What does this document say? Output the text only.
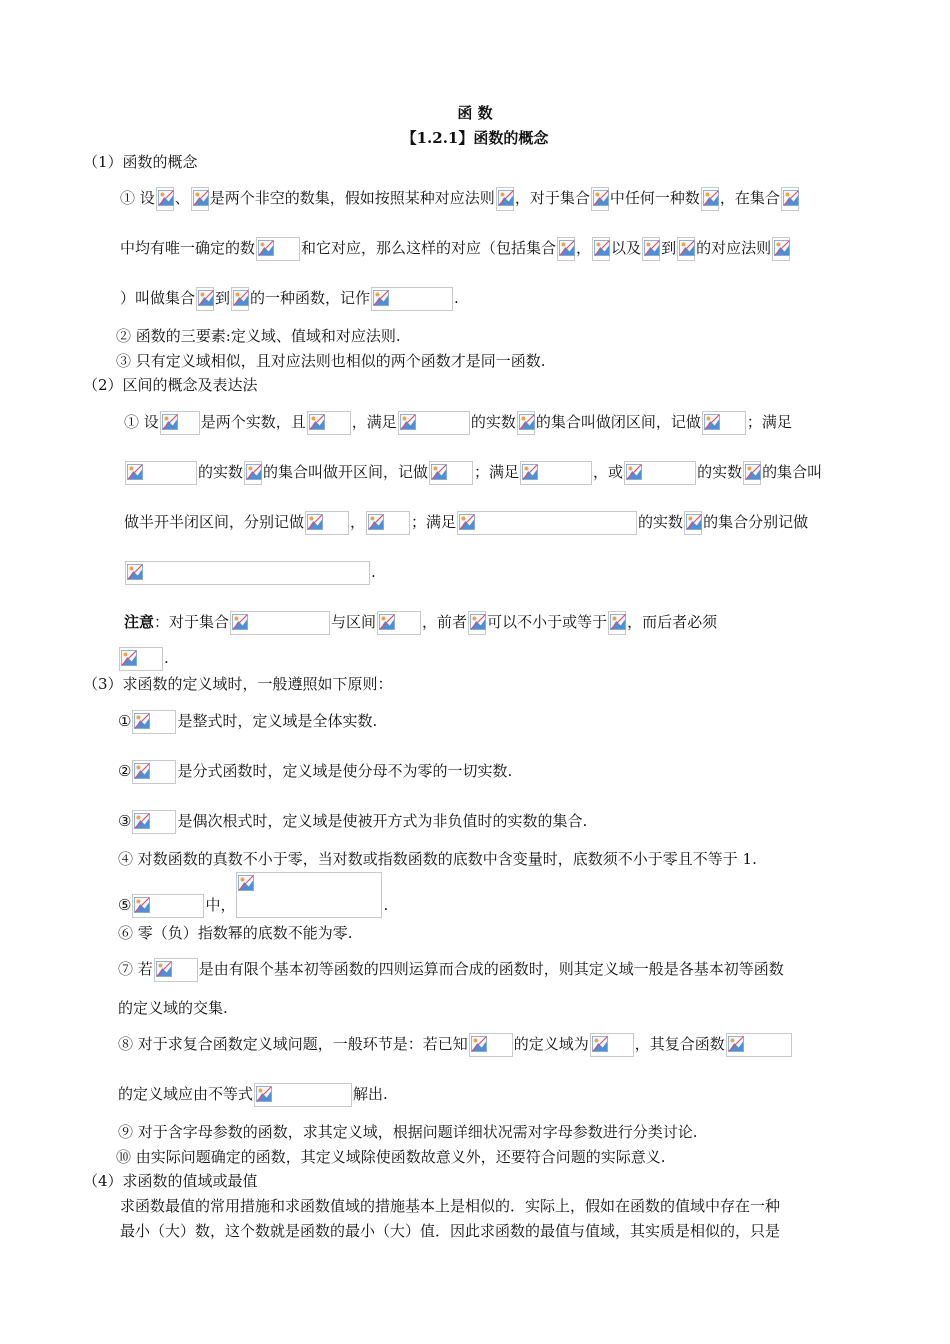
函 数
【1.2.1】函数的概念
（1）函数的概念
① 设 、 是两个非空的数集，假如按照某种对应法则 ，对于集合 中任何一种数 ，在集合
中均有唯一确定的数	和它对应，那么这样的对应（包括集合 ， 以及 到 的对应法则
）叫做集合 到 的一种函数，记作	.
② 函数的三要素:定义域、值域和对应法则.
③ 只有定义域相似，且对应法则也相似的两个函数才是同一函数.
（2）区间的概念及表达法
① 设	是两个实数，且	，满足	的实数 的集合叫做闭区间，记做	；满足
的实数 的集合叫做开区间，记做	；满足	，或	的实数 的集合叫
做半开半闭区间，分别记做	，	；满足	的实数 的集合分别记做
.
注意：对于集合	与区间	，前者 可以不小于或等于 ，而后者必须
.
（3）求函数的定义域时，一般遵照如下原则：
①	是整式时，定义域是全体实数.
②	是分式函数时，定义域是使分母不为零的一切实数.
③	是偶次根式时，定义域是使被开方式为非负值时的实数的集合.
④ 对数函数的真数不小于零，当对数或指数函数的底数中含变量时，底数须不小于零且不等于 1.
⑤	中，	.
⑥ 零（负）指数幂的底数不能为零.
⑦ 若	是由有限个基本初等函数的四则运算而合成的函数时，则其定义域一般是各基本初等函数
的定义域的交集.
⑧ 对于求复合函数定义域问题，一般环节是：若已知	的定义域为	，其复合函数
的定义域应由不等式	解出.
⑨ 对于含字母参数的函数，求其定义域，根据问题详细状况需对字母参数进行分类讨论.
⑩ 由实际问题确定的函数，其定义域除使函数故意义外，还要符合问题的实际意义.
（4）求函数的值域或最值
求函数最值的常用措施和求函数值域的措施基本上是相似的．实际上，假如在函数的值域中存在一种
最小（大）数，这个数就是函数的最小（大）值．因此求函数的最值与值域，其实质是相似的，只是
